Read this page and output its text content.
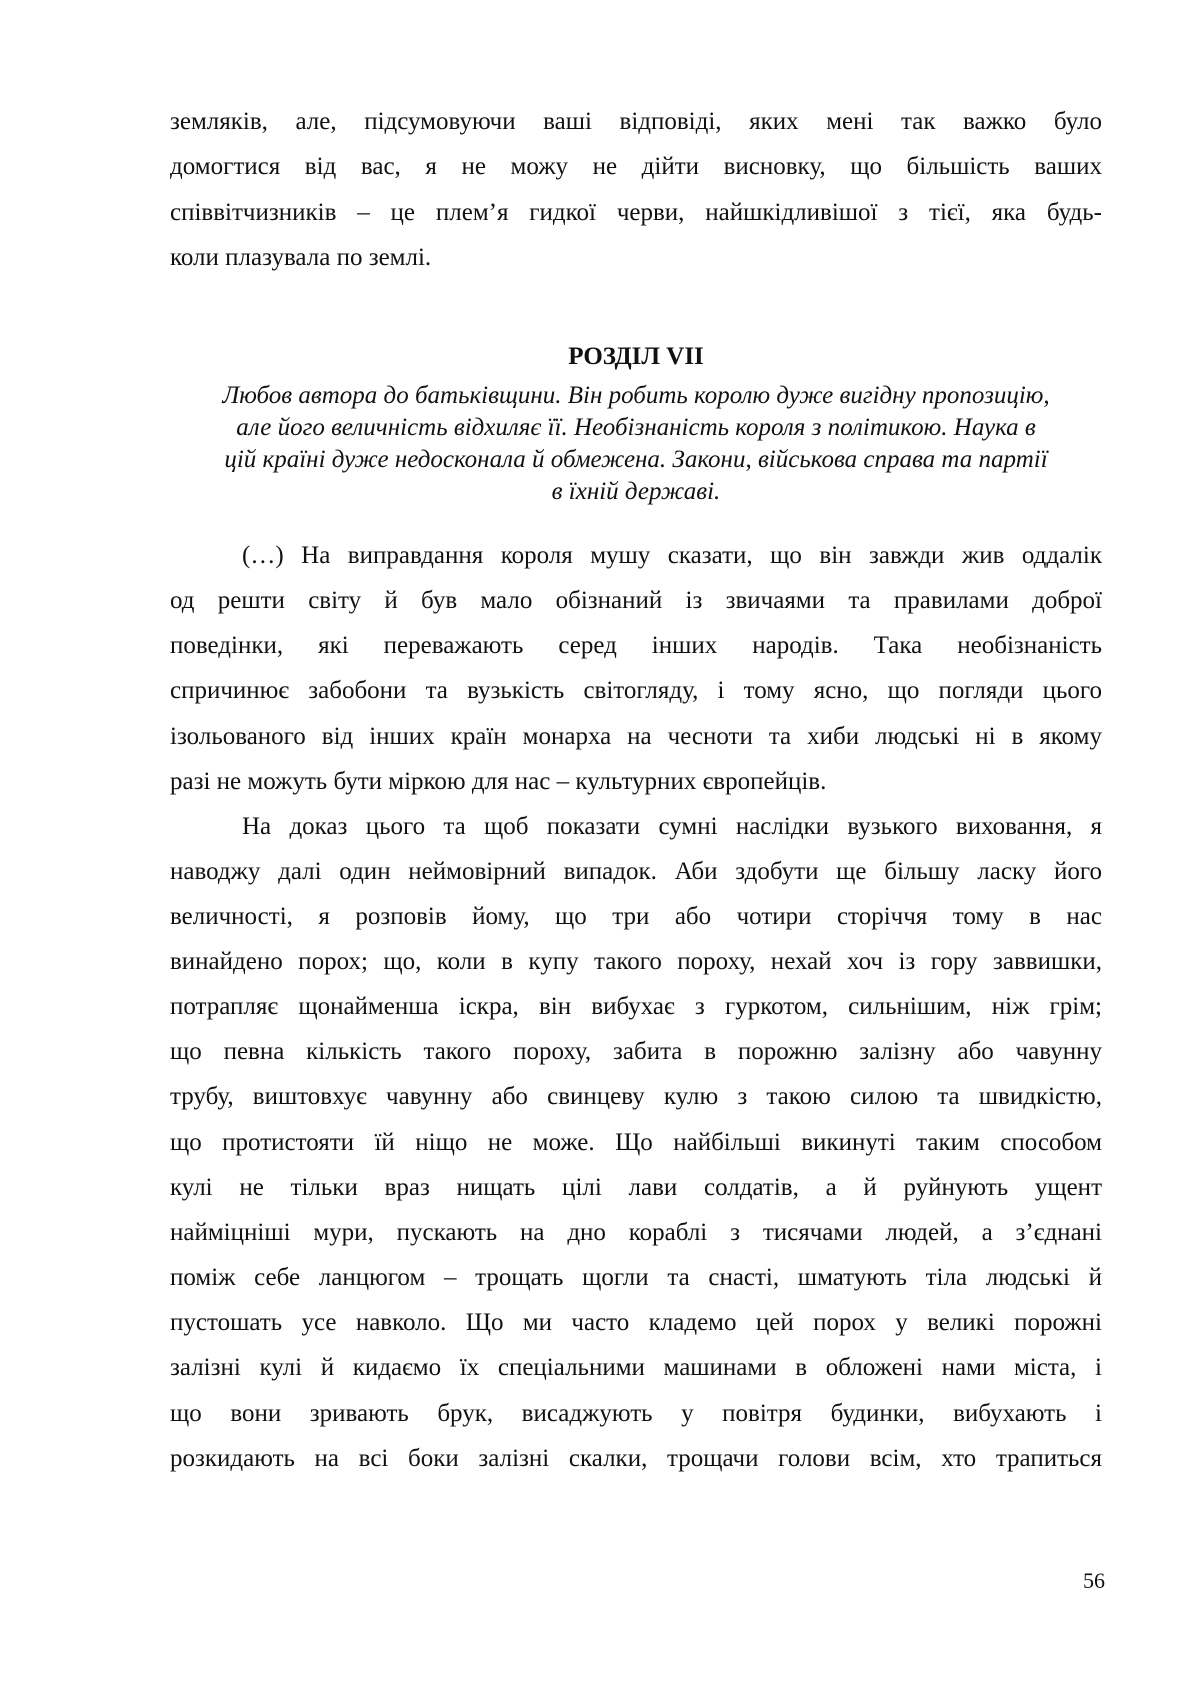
земляків, але, підсумовуючи ваші відповіді, яких мені так важко було
домогтися від вас, я не можу не дійти висновку, що більшість ваших
співвітчизників – це плем’я гидкої черви, найшкідливішої з тієї, яка будь-
коли плазувала по землі.
РОЗДІЛ VII
Любов автора до батьківщини. Він робить королю дуже вигідну пропозицію,
але його величність відхиляє її. Необізнаність короля з політикою. Наука в
цій країні дуже недосконала й обмежена. Закони, військова справа та партії
в їхній державі.
(…) На виправдання короля мушу сказати, що він завжди жив оддалік
од решти світу й був мало обізнаний із звичаями та правилами доброї
поведінки, які переважають серед інших народів. Така необізнаність
спричинює забобони та вузькість світогляду, і тому ясно, що погляди цього
ізольованого від інших країн монарха на чесноти та хиби людські ні в якому
разі не можуть бути міркою для нас – культурних європейців.
На доказ цього та щоб показати сумні наслідки вузького виховання, я
наводжу далі один неймовірний випадок. Аби здобути ще більшу ласку його
величності, я розповів йому, що три або чотири сторіччя тому в нас
винайдено порох; що, коли в купу такого пороху, нехай хоч із гору заввишки,
потрапляє щонайменша іскра, він вибухає з гуркотом, сильнішим, ніж грім;
що певна кількість такого пороху, забита в порожню залізну або чавунну
трубу, виштовхує чавунну або свинцеву кулю з такою силою та швидкістю,
що протистояти їй ніщо не може. Що найбільші викинуті таким способом
кулі не тільки враз нищать цілі лави солдатів, а й руйнують ущент
найміцніші мури, пускають на дно кораблі з тисячами людей, а з’єднані
поміж себе ланцюгом – трощать щогли та снасті, шматують тіла людські й
пустошать усе навколо. Що ми часто кладемо цей порох у великі порожні
залізні кулі й кидаємо їх спеціальними машинами в обложені нами міста, і
що вони зривають брук, висаджують у повітря будинки, вибухають і
розкидають на всі боки залізні скалки, трощачи голови всім, хто трапиться
56
